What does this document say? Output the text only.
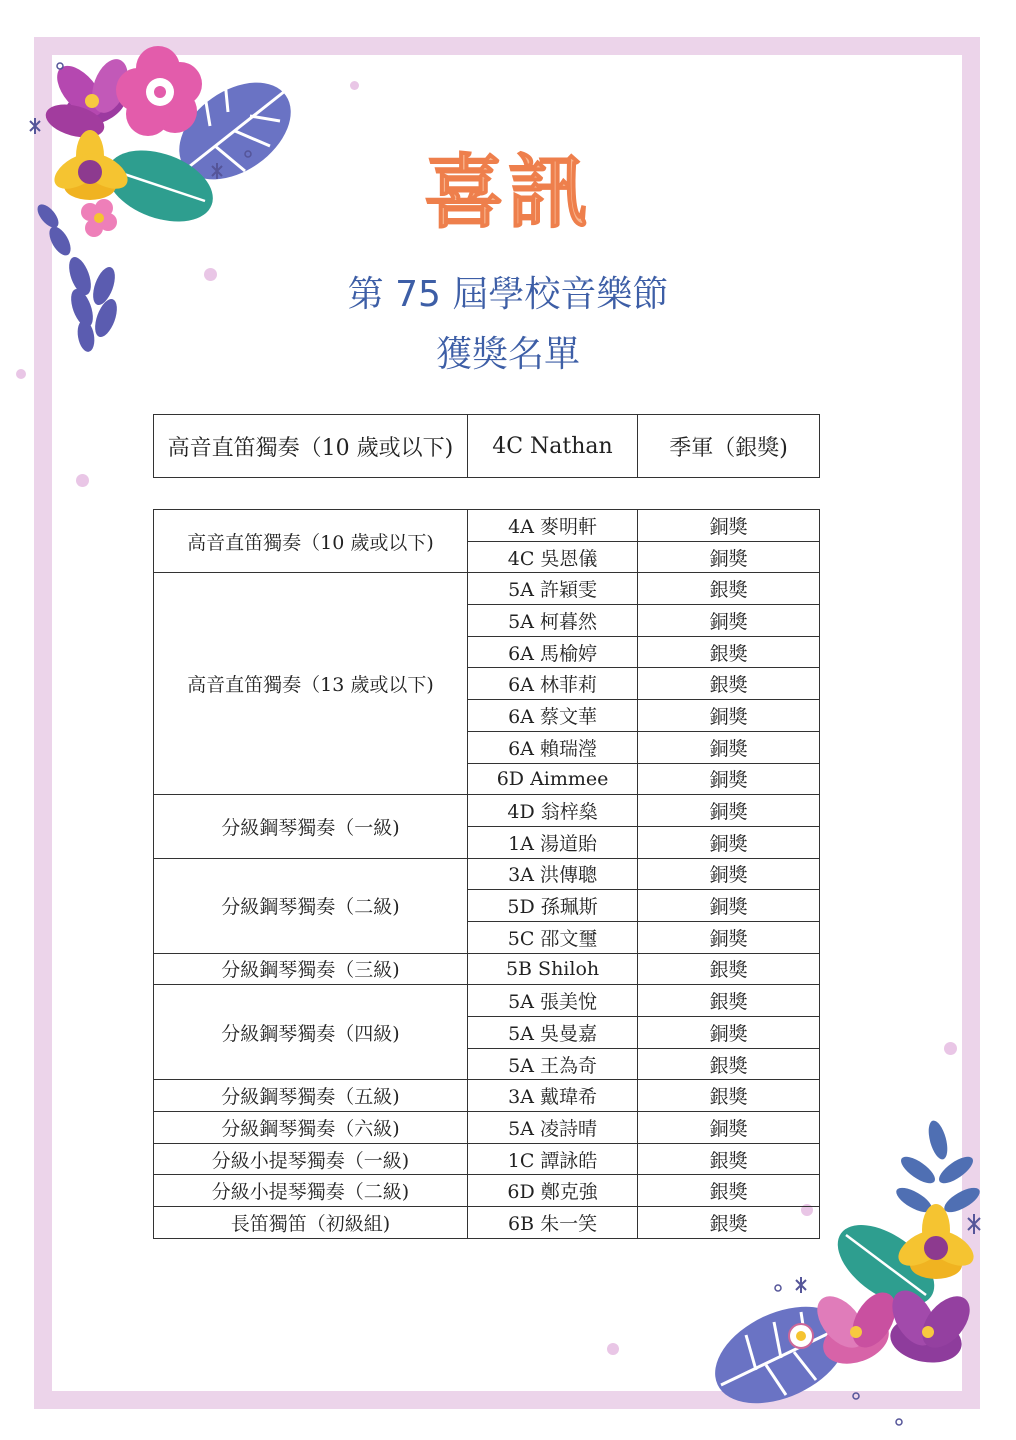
喜訊
第 75 屆學校音樂節
獲獎名單
高音直笛獨奏（10 歲或以下)	4C Nathan	季軍（銀獎)
高音直笛獨奏（10 歲或以下)	4A 麥明軒	銅獎
	4C 吳恩儀	銅獎
高音直笛獨奏（13 歲或以下)	5A 許穎雯	銀獎
	5A 柯暮然	銅獎
	6A 馬榆婷	銀獎
	6A 林菲莉	銀獎
	6A 蔡文華	銅獎
	6A 賴瑞瀅	銅獎
	6D Aimmee	銅獎
分級鋼琴獨奏（一級)	4D 翁梓燊	銅獎
	1A 湯道貽	銅獎
分級鋼琴獨奏（二級)	3A 洪傳聰	銅獎
	5D 孫珮斯	銅獎
	5C 邵文璽	銅獎
分級鋼琴獨奏（三級)	5B Shiloh	銀獎
分級鋼琴獨奏（四級)	5A 張美悅	銀獎
	5A 吳曼嘉	銅獎
	5A 王為奇	銀獎
分級鋼琴獨奏（五級)	3A 戴瑋希	銀獎
分級鋼琴獨奏（六級)	5A 凌詩晴	銅獎
分級小提琴獨奏（一級)	1C 譚詠皓	銀獎
分級小提琴獨奏（二級)	6D 鄭克強	銀獎
長笛獨笛（初級組)	6B 朱一笑	銀獎
